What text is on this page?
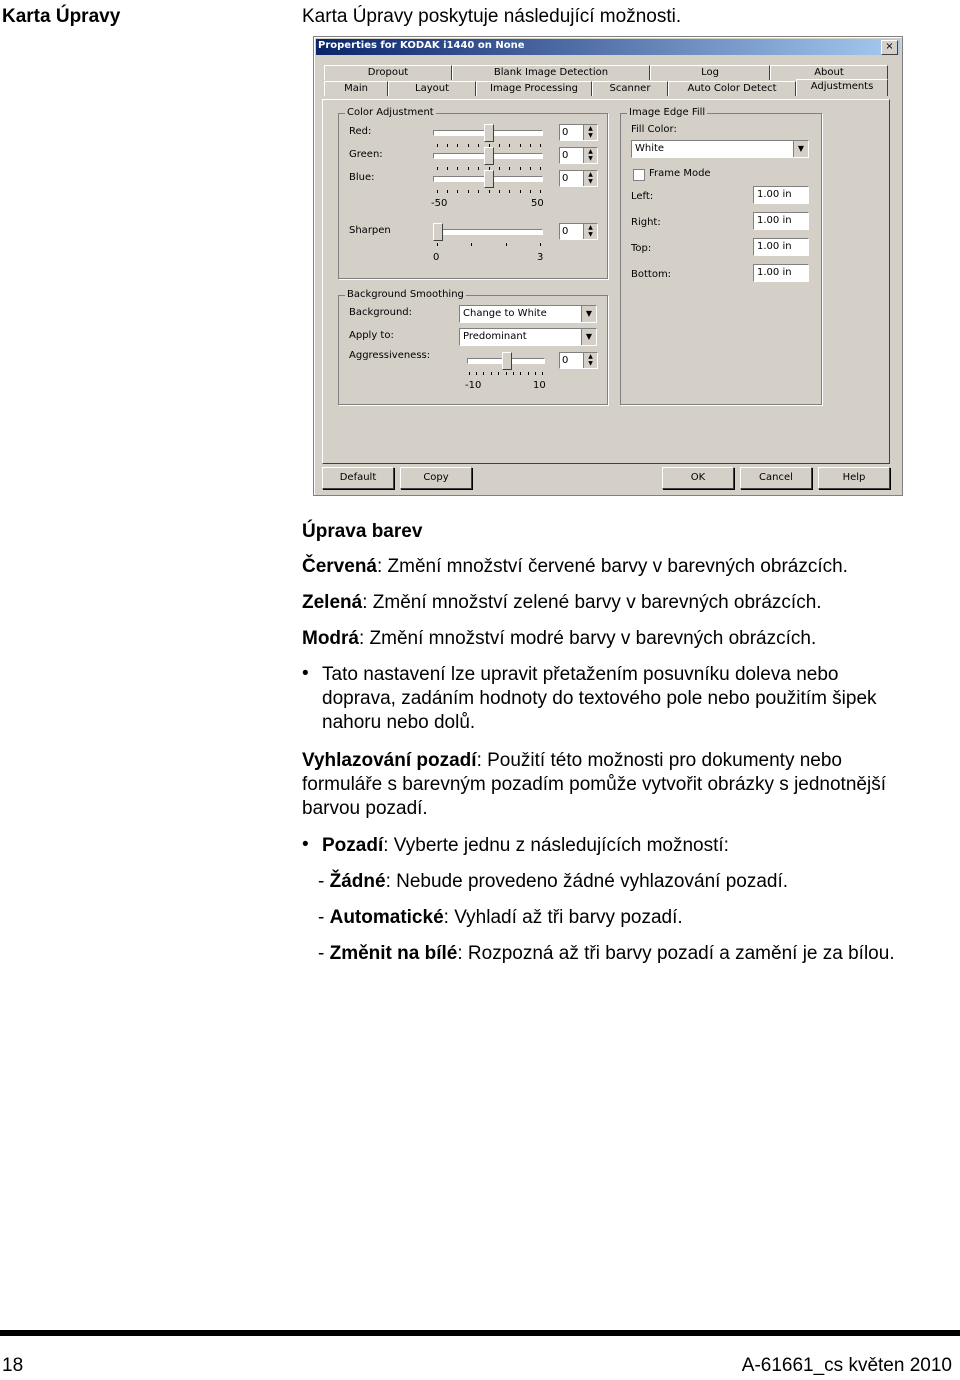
Karta Úpravy	Karta Úpravy poskytuje následující možnosti.
Properties for KODAK i1440 on None	×
Dropout	Blank Image Detection	Log	About
Main	Layout	Image Processing	Scanner	Auto Color Detect	Adjustments
Color Adjustment
Red:	0	▲
▼
Green:	0	▲
▼
Blue:	0	▲
▼
-50	50
Sharpen	0	▲
▼
0	3
Background Smoothing
Background:	Change to White	▼
Apply to:	Predominant	▼
Aggressiveness:	0	▲
▼
-10	10
Image Edge Fill
Fill Color:
White	▼
Frame Mode
Left:	1.00 in
Right:	1.00 in
Top:	1.00 in
Bottom:	1.00 in
Default	Copy	OK	Cancel	Help
Úprava barev
Červená: Změní množství červené barvy v barevných obrázcích.
Zelená: Změní množství zelené barvy v barevných obrázcích.
Modrá: Změní množství modré barvy v barevných obrázcích.
• Tato nastavení lze upravit přetažením posuvníku doleva nebo
doprava, zadáním hodnoty do textového pole nebo použitím šipek
nahoru nebo dolů.
Vyhlazování pozadí: Použití této možnosti pro dokumenty nebo
formuláře s barevným pozadím pomůže vytvořit obrázky s jednotnější
barvou pozadí.
• Pozadí: Vyberte jednu z následujících možností:
- Žádné: Nebude provedeno žádné vyhlazování pozadí.
- Automatické: Vyhladí až tři barvy pozadí.
- Změnit na bílé: Rozpozná až tři barvy pozadí a zamění je za bílou.
18	A-61661_cs květen 2010
